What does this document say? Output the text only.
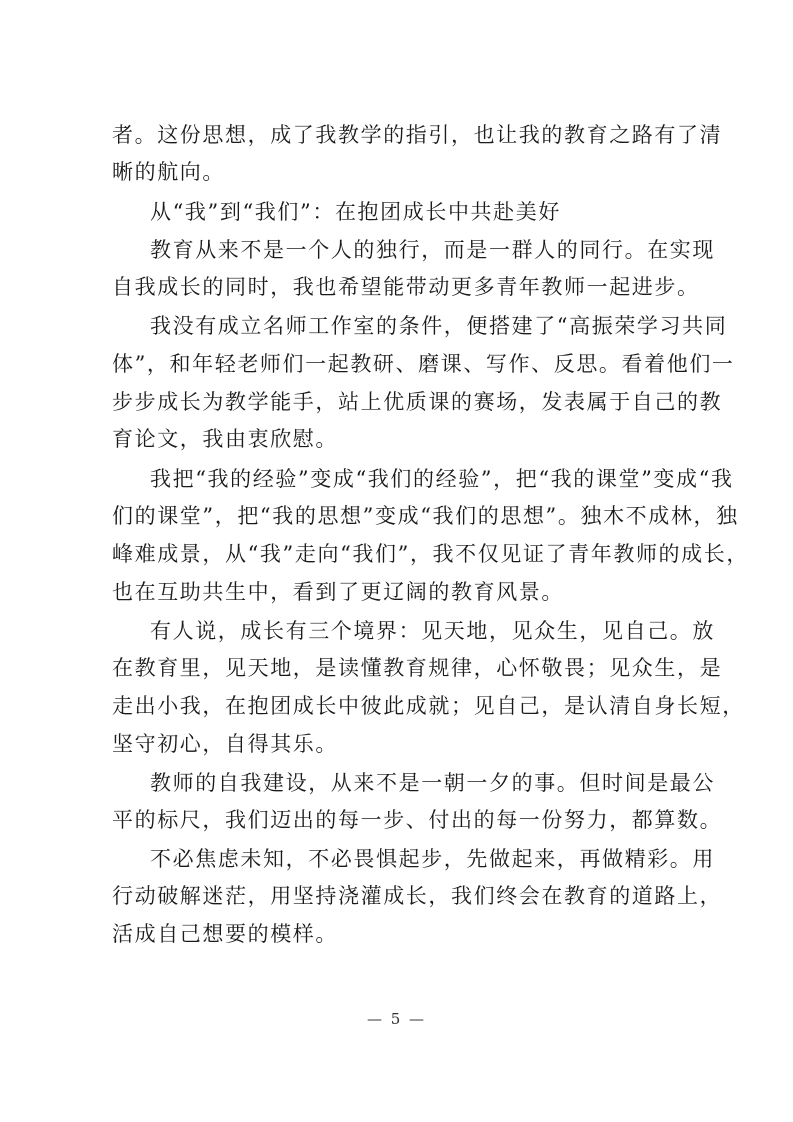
者。这份思想，成了我教学的指引，也让我的教育之路有了清
晰的航向。
从“我”到“我们”：在抱团成长中共赴美好
教育从来不是一个人的独行，而是一群人的同行。在实现
自我成长的同时，我也希望能带动更多青年教师一起进步。
我没有成立名师工作室的条件，便搭建了“高振荣学习共同
体”，和年轻老师们一起教研、磨课、写作、反思。看着他们一
步步成长为教学能手，站上优质课的赛场，发表属于自己的教
育论文，我由衷欣慰。
我把“我的经验”变成“我们的经验”，把“我的课堂”变成“我
们的课堂”，把“我的思想”变成“我们的思想”。独木不成林，独
峰难成景，从“我”走向“我们”，我不仅见证了青年教师的成长，
也在互助共生中，看到了更辽阔的教育风景。
有人说，成长有三个境界：见天地，见众生，见自己。放
在教育里，见天地，是读懂教育规律，心怀敬畏；见众生，是
走出小我，在抱团成长中彼此成就；见自己，是认清自身长短，
坚守初心，自得其乐。
教师的自我建设，从来不是一朝一夕的事。但时间是最公
平的标尺，我们迈出的每一步、付出的每一份努力，都算数。
不必焦虑未知，不必畏惧起步，先做起来，再做精彩。用
行动破解迷茫，用坚持浇灌成长，我们终会在教育的道路上，
活成自己想要的模样。
— 5 —
